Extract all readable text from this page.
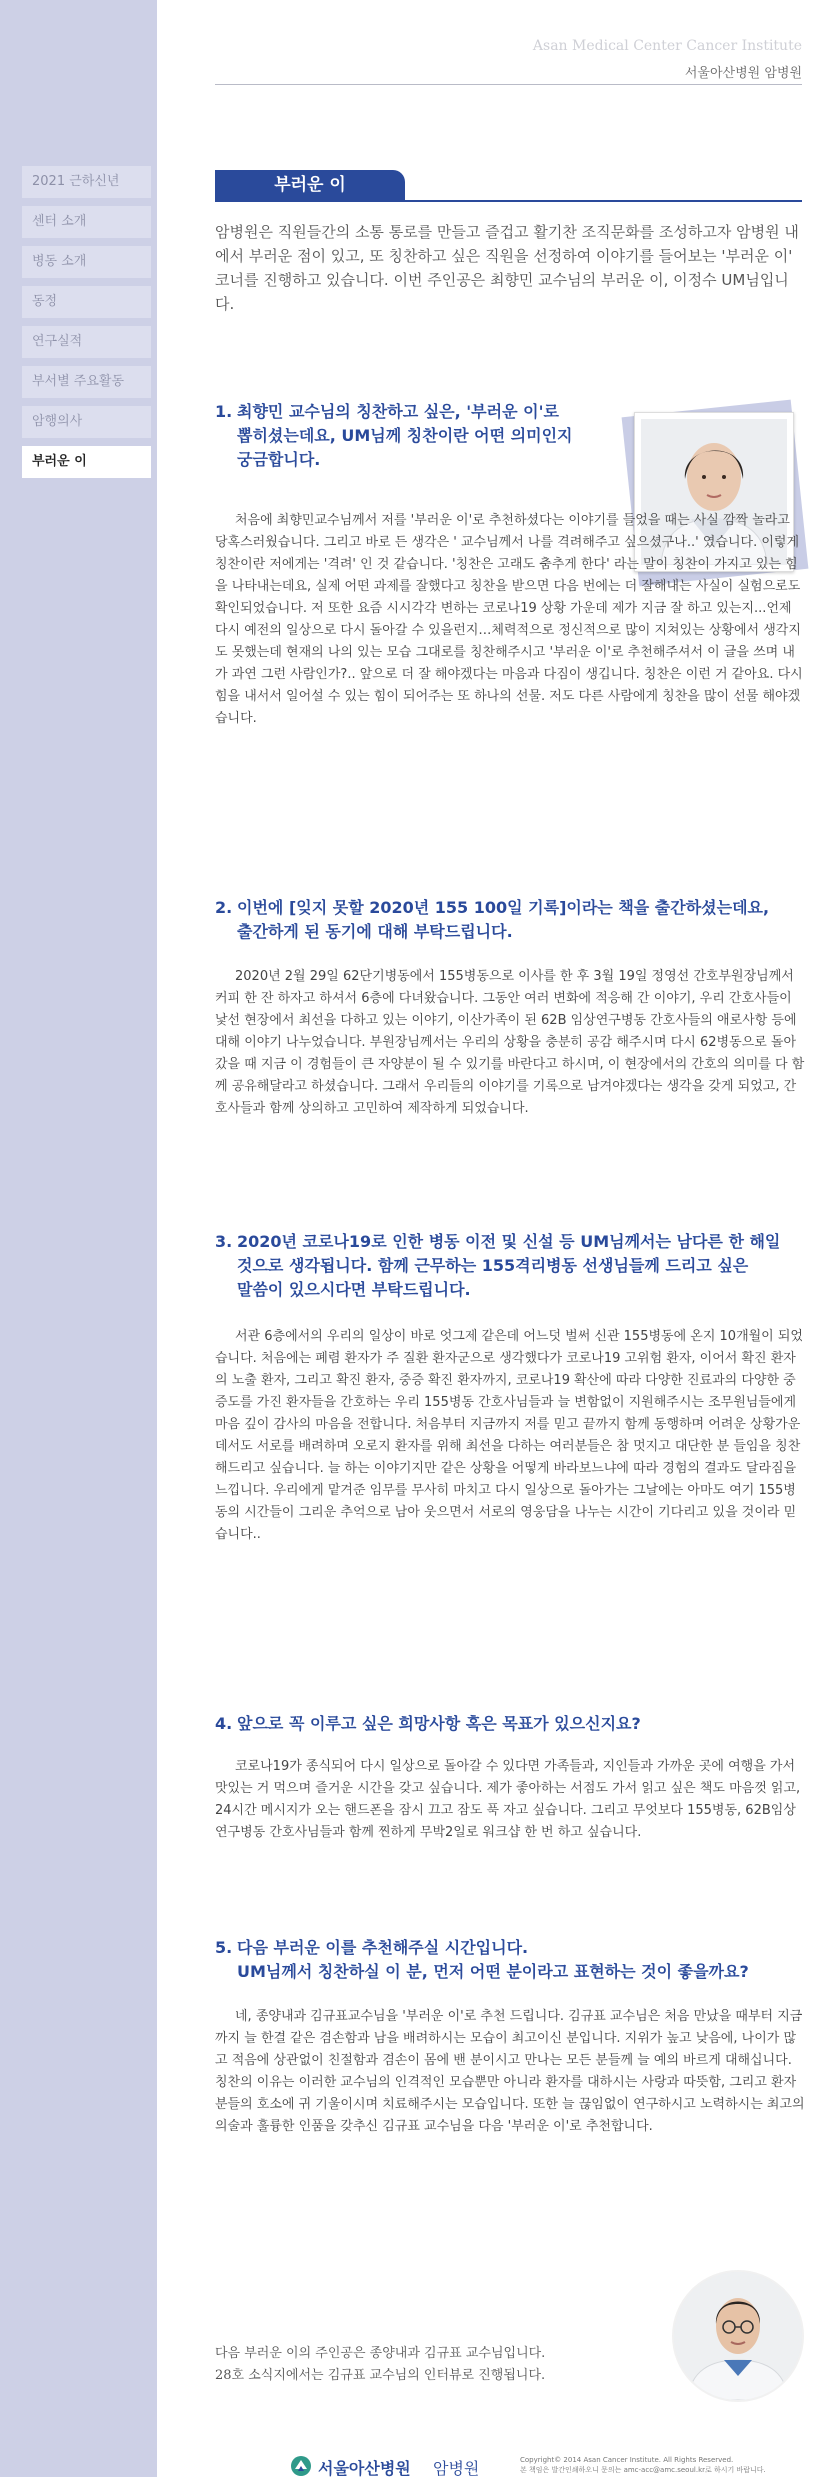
Asan Medical Center Cancer Institute
서울아산병원 암병원
2021 근하신년
센터 소개
병동 소개
동정
연구실적
부서별 주요활동
암행의사
부러운 이
부러운 이

암병원은 직원들간의 소통 통로를 만들고 즐겁고 활기찬 조직문화를 조성하고자 암병원 내에서 부러운 점이 있고, 또 칭찬하고 싶은 직원을 선정하여 이야기를 들어보는 '부러운 이' 코너를 진행하고 있습니다. 이번 주인공은 최향민 교수님의 부러운 이, 이정수 UM님입니다.

1. 최향민 교수님의 칭찬하고 싶은, '부러운 이'로
뽑히셨는데요, UM님께 칭찬이란 어떤 의미인지
궁금합니다.

처음에 최향민교수님께서 저를 '부러운 이'로 추천하셨다는 이야기를 들었을 때는 사실 깜짝 놀라고 당혹스러웠습니다. 그리고 바로 든 생각은 ' 교수님께서 나를 격려해주고 싶으셨구나..' 였습니다. 이렇게 칭찬이란 저에게는 '격려' 인 것 같습니다. '칭찬은 고래도 춤추게 한다' 라는 말이 칭찬이 가지고 있는 힘을 나타내는데요, 실제 어떤 과제를 잘했다고 칭찬을 받으면 다음 번에는 더 잘해내는 사실이 실험으로도 확인되었습니다. 저 또한 요즘 시시각각 변하는 코로나19 상황 가운데 제가 지금 잘 하고 있는지...언제 다시 예전의 일상으로 다시 돌아갈 수 있을런지…체력적으로 정신적으로 많이 지쳐있는 상황에서 생각지도 못했는데 현재의 나의 있는 모습 그대로를 칭찬해주시고 '부러운 이'로 추천해주셔서 이 글을 쓰며 내가 과연 그런 사람인가?.. 앞으로 더 잘 해야겠다는 마음과 다짐이 생깁니다. 칭찬은 이런 거 같아요. 다시 힘을 내서서 일어설 수 있는 힘이 되어주는 또 하나의 선물. 저도 다른 사람에게 칭찬을 많이 선물 해야겠습니다.

2. 이번에 [잊지 못할 2020년 155 100일 기록]이라는 책을 출간하셨는데요,
출간하게 된 동기에 대해 부탁드립니다.

2020년 2월 29일 62단기병동에서 155병동으로 이사를 한 후 3월 19일 정영선 간호부원장님께서 커피 한 잔 하자고 하셔서 6층에 다녀왔습니다. 그동안 여러 변화에 적응해 간 이야기, 우리 간호사들이 낯선 현장에서 최선을 다하고 있는 이야기, 이산가족이 된 62B 임상연구병동 간호사들의 애로사항 등에 대해 이야기 나누었습니다. 부원장님께서는 우리의 상황을 충분히 공감 해주시며 다시 62병동으로 돌아갔을 때 지금 이 경험들이 큰 자양분이 될 수 있기를 바란다고 하시며, 이 현장에서의 간호의 의미를 다 함께 공유해달라고 하셨습니다. 그래서 우리들의 이야기를 기록으로 남겨야겠다는 생각을 갖게 되었고, 간호사들과 함께 상의하고 고민하여 제작하게 되었습니다.

3. 2020년 코로나19로 인한 병동 이전 및 신설 등 UM님께서는 남다른 한 해일
것으로 생각됩니다. 함께 근무하는 155격리병동 선생님들께 드리고 싶은
말씀이 있으시다면 부탁드립니다.

서관 6층에서의 우리의 일상이 바로 엇그제 같은데 어느덧 벌써 신관 155병동에 온지 10개월이 되었습니다. 처음에는 폐렴 환자가 주 질환 환자군으로 생각했다가 코로나19 고위험 환자, 이어서 확진 환자의 노출 환자, 그리고 확진 환자, 중증 확진 환자까지, 코로나19 확산에 따라 다양한 진료과의 다양한 중증도를 가진 환자들을 간호하는 우리 155병동 간호사님들과 늘 변함없이 지원해주시는 조무원님들에게 마음 깊이 감사의 마음을 전합니다. 처음부터 지금까지 저를 믿고 끝까지 함께 동행하며 어려운 상황가운데서도 서로를 배려하며 오로지 환자를 위해 최선을 다하는 여러분들은 참 멋지고 대단한 분 들임을 칭찬해드리고 싶습니다. 늘 하는 이야기지만 같은 상황을 어떻게 바라보느냐에 따라 경험의 결과도 달라짐을 느낍니다. 우리에게 맡겨준 임무를 무사히 마치고 다시 일상으로 돌아가는 그날에는 아마도 여기 155병동의 시간들이 그리운 추억으로 남아 웃으면서 서로의 영웅담을 나누는 시간이 기다리고 있을 것이라 믿습니다..

4. 앞으로 꼭 이루고 싶은 희망사항 혹은 목표가 있으신지요?

코로나19가 종식되어 다시 일상으로 돌아갈 수 있다면 가족들과, 지인들과 가까운 곳에 여행을 가서 맛있는 거 먹으며 즐거운 시간을 갖고 싶습니다. 제가 좋아하는 서점도 가서 읽고 싶은 책도 마음껏 읽고, 24시간 메시지가 오는 핸드폰을 잠시 끄고 잠도 푹 자고 싶습니다. 그리고 무엇보다 155병동, 62B임상연구병동 간호사님들과 함께 찐하게 무박2일로 워크샵 한 번 하고 싶습니다.

5. 다음 부러운 이를 추천해주실 시간입니다.
UM님께서 칭찬하실 이 분, 먼저 어떤 분이라고 표현하는 것이 좋을까요?

네, 종양내과 김규표교수님을 '부러운 이'로 추천 드립니다. 김규표 교수님은 처음 만났을 때부터 지금까지 늘 한결 같은 겸손함과 남을 배려하시는 모습이 최고이신 분입니다. 지위가 높고 낮음에, 나이가 많고 적음에 상관없이 친절함과 겸손이 몸에 밴 분이시고 만나는 모든 분들께 늘 예의 바르게 대해십니다. 칭찬의 이유는 이러한 교수님의 인격적인 모습뿐만 아니라 환자를 대하시는 사랑과 따뜻함, 그리고 환자분들의 호소에 귀 기울이시며 치료해주시는 모습입니다. 또한 늘 끊임없이 연구하시고 노력하시는 최고의 의술과 훌륭한 인품을 갖추신 김규표 교수님을 다음 '부러운 이'로 추천합니다.

다음 부러운 이의 주인공은 종양내과 김규표 교수님입니다.
28호 소식지에서는 김규표 교수님의 인터뷰로 진행됩니다.
서울아산병원 암병원	Copyright© 2014 Asan Cancer Institute. All Rights Reserved.
본 책임은 발간인쇄하오니 문의는 amc-acc@amc.seoul.kr로 하시기 바랍니다.
